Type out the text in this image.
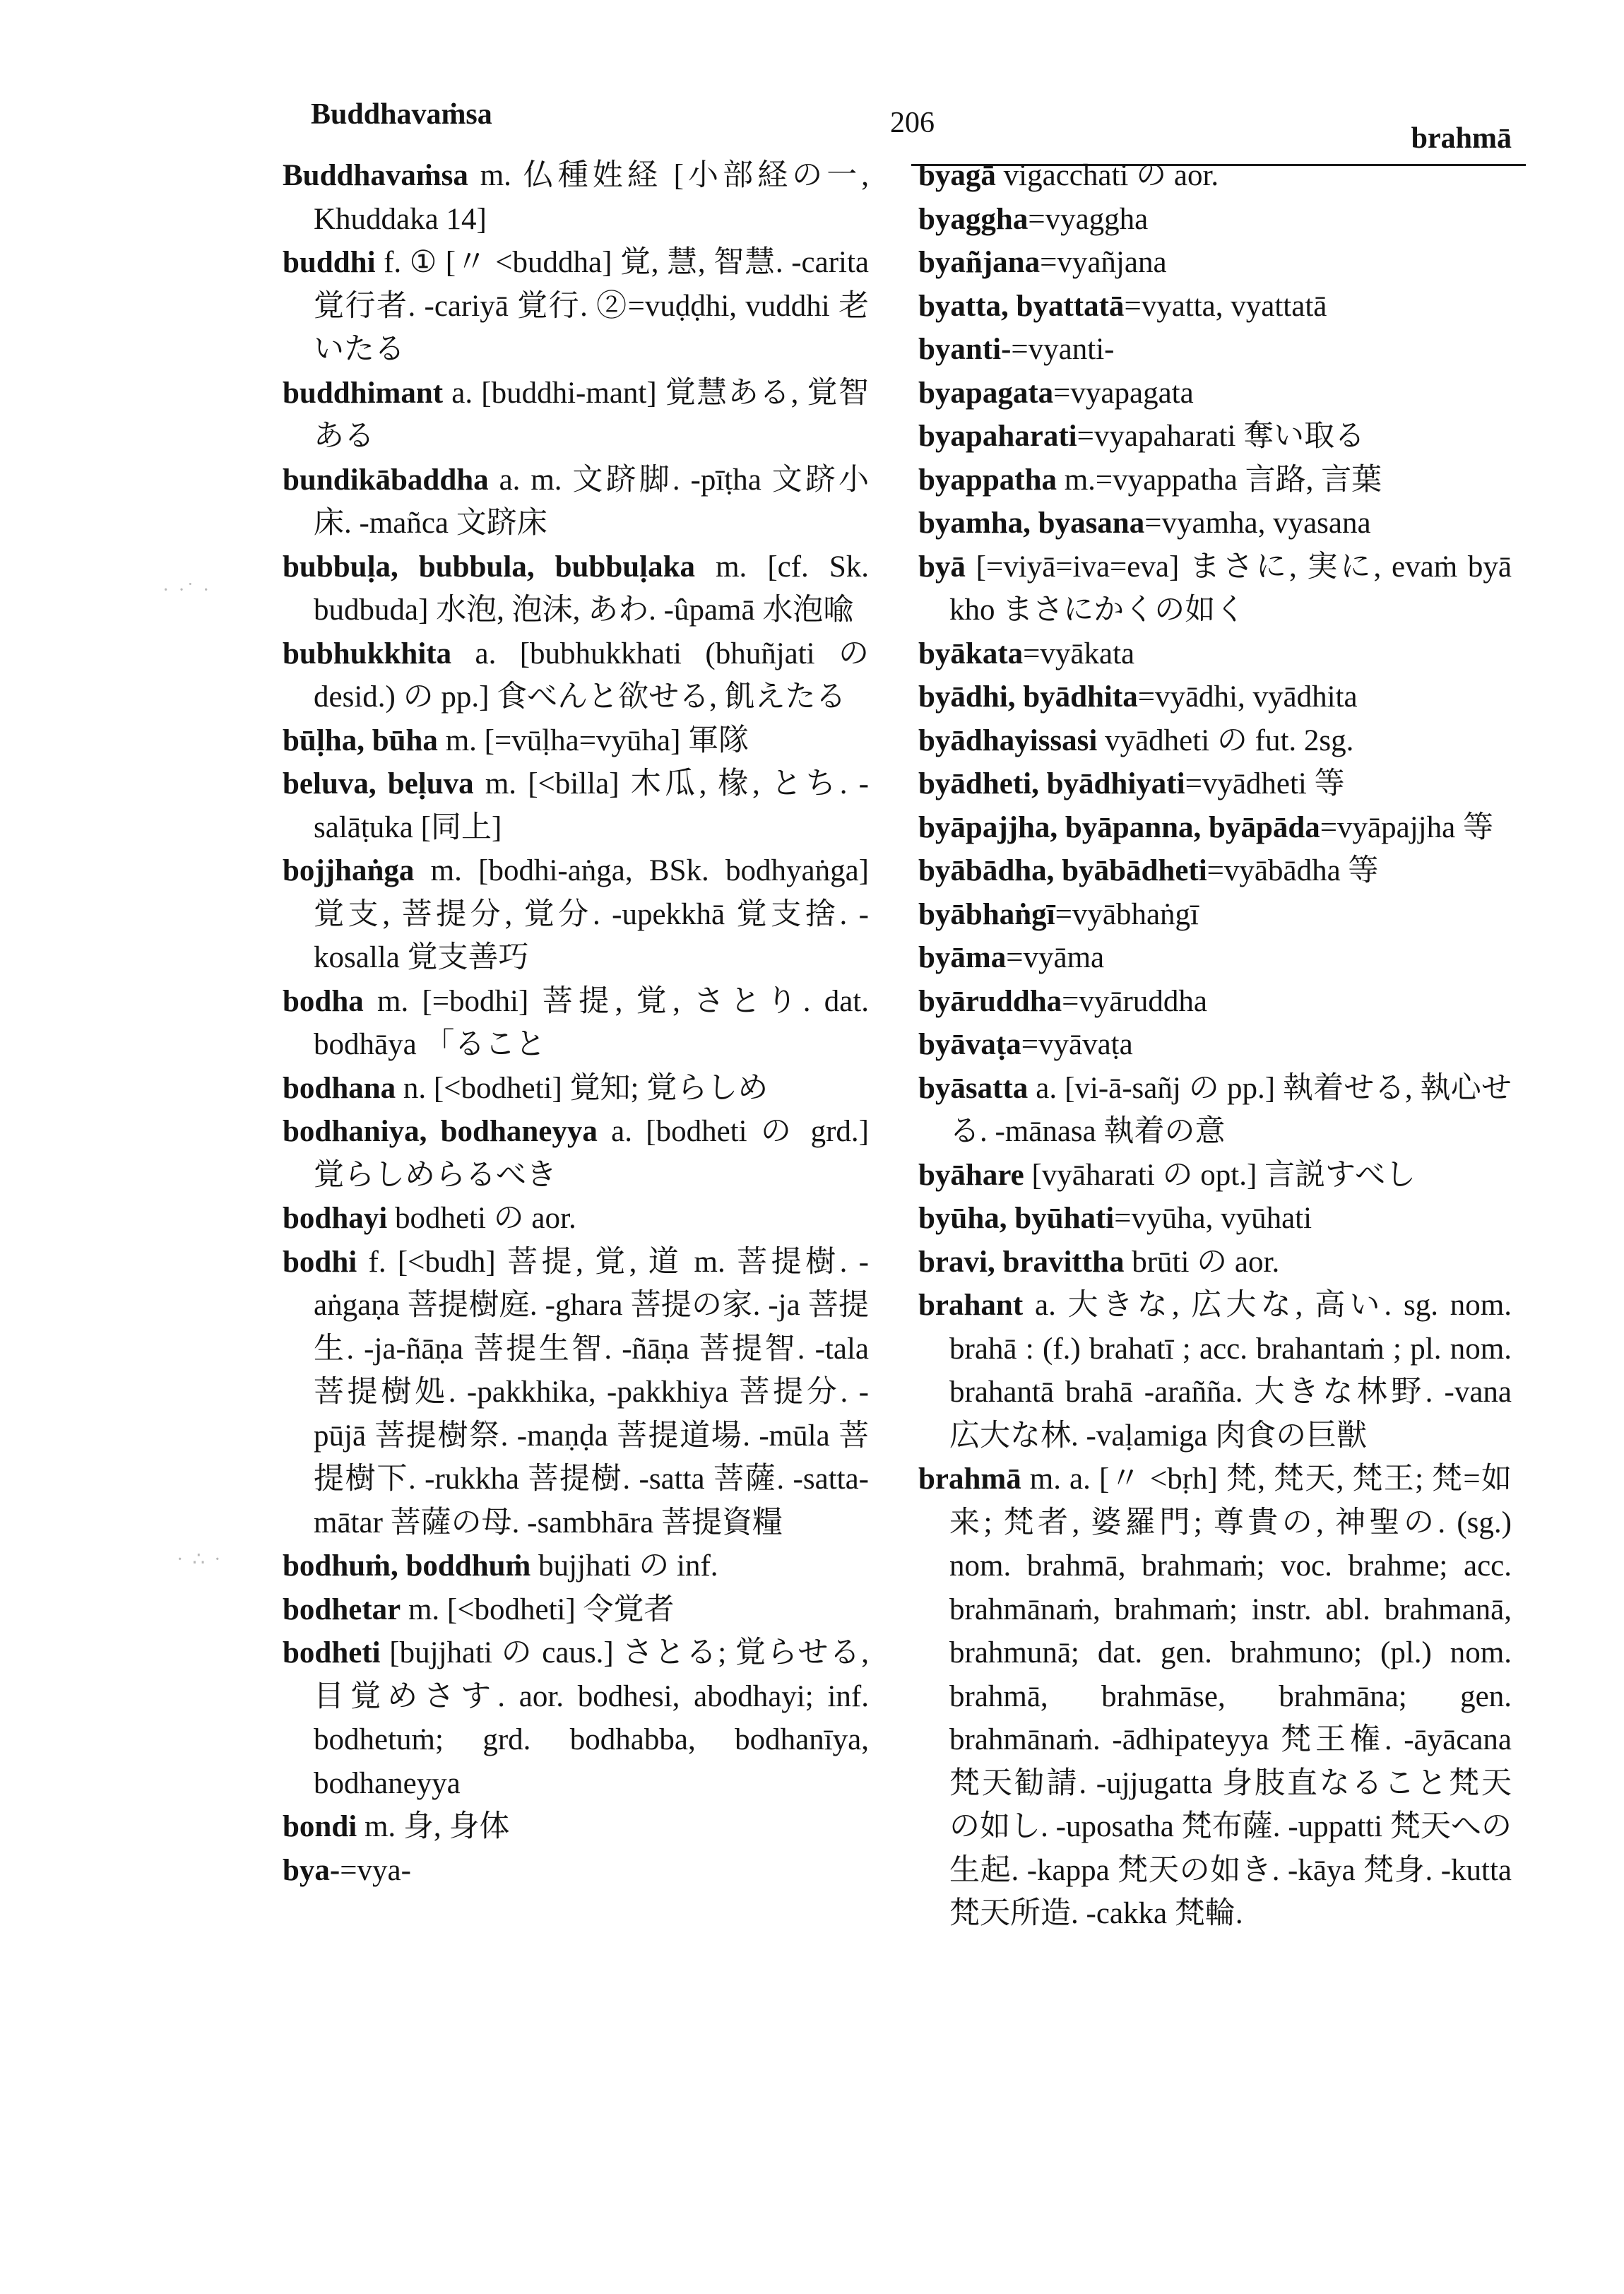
Buddhavaṁsa	206	brahmā
· ·˙ ·
· ∴ ·

Buddhavaṁsa m. 仏種姓経 [小部経の一, Khuddaka 14]

buddhi f. ① [〃 <buddha] 覚, 慧, 智慧. -carita 覚行者. -cariyā 覚行. ②=vuḍḍhi, vuddhi 老いたる

buddhimant a. [buddhi-mant] 覚慧ある, 覚智ある

bundikābaddha a. m. 文跻脚. -pīṭha 文跻小床. -mañca 文跻床

bubbuḷa, bubbula, bubbuḷaka m. [cf. Sk. budbuda] 水泡, 泡沫, あわ. -ûpamā 水泡喩

bubhukkhita a. [bubhukkhati (bhuñjati の desid.) の pp.] 食べんと欲せる, 飢えたる

būḷha, būha m. [=vūḷha=vyūha] 軍隊

beluva, beḷuva m. [<billa] 木瓜, 椽, とち. -salāṭuka [同上]

bojjhaṅga m. [bodhi-aṅga, BSk. bodhyaṅga] 覚支, 菩提分, 覚分. -upekkhā 覚支捨. -kosalla 覚支善巧

bodha m. [=bodhi] 菩提, 覚, さとり. dat. bodhāya 「ること

bodhana n. [<bodheti] 覚知; 覚らしめ

bodhaniya, bodhaneyya a. [bodheti の grd.] 覚らしめらるべき

bodhayi bodheti の aor.

bodhi f. [<budh] 菩提, 覚, 道 m. 菩提樹. -aṅgaṇa 菩提樹庭. -ghara 菩提の家. -ja 菩提生. -ja-ñāṇa 菩提生智. -ñāṇa 菩提智. -tala 菩提樹処. -pakkhika, -pakkhiya 菩提分. -pūjā 菩提樹祭. -maṇḍa 菩提道場. -mūla 菩提樹下. -rukkha 菩提樹. -satta 菩薩. -satta-mātar 菩薩の母. -sambhāra 菩提資糧

bodhuṁ, boddhuṁ bujjhati の inf.

bodhetar m. [<bodheti] 令覚者

bodheti [bujjhati の caus.] さとる; 覚らせる, 目覚めさす. aor. bodhesi, abodhayi; inf. bodhetuṁ; grd. bodhabba, bodhanīya, bodhaneyya

bondi m. 身, 身体

bya-=vya-

byagā vigacchati の aor.

byaggha=vyaggha

byañjana=vyañjana

byatta, byattatā=vyatta, vyattatā

byanti-=vyanti-

byapagata=vyapagata

byapaharati=vyapaharati 奪い取る

byappatha m.=vyappatha 言路, 言葉

byamha, byasana=vyamha, vyasana

byā [=viyā=iva=eva] まさに, 実に, evaṁ byā kho まさにかくの如く

byākata=vyākata

byādhi, byādhita=vyādhi, vyādhita

byādhayissasi vyādheti の fut. 2sg.

byādheti, byādhiyati=vyādheti 等

byāpajjha, byāpanna, byāpāda=vyāpajjha 等

byābādha, byābādheti=vyābādha 等

byābhaṅgī=vyābhaṅgī

byāma=vyāma

byāruddha=vyāruddha

byāvaṭa=vyāvaṭa

byāsatta a. [vi-ā-sañj の pp.] 執着せる, 執心せる. -mānasa 執着の意

byāhare [vyāharati の opt.] 言説すべし

byūha, byūhati=vyūha, vyūhati

bravi, bravittha brūti の aor.

brahant a. 大きな, 広大な, 高い. sg. nom. brahā : (f.) brahatī ; acc. brahantaṁ ; pl. nom. brahantā brahā -arañña. 大きな林野. -vana 広大な林. -vaḷamiga 肉食の巨獣

brahmā m. a. [〃 <bṛh] 梵, 梵天, 梵王; 梵=如来; 梵者, 婆羅門; 尊貴の, 神聖の. (sg.) nom. brahmā, brahmaṁ; voc. brahme; acc. brahmānaṁ, brahmaṁ; instr. abl. brahmanā, brahmunā; dat. gen. brahmuno; (pl.) nom. brahmā, brahmāse, brahmāna; gen. brahmānaṁ. -ādhipateyya 梵王権. -āyācana 梵天勧請. -ujjugatta 身肢直なること梵天の如し. -uposatha 梵布薩. -uppatti 梵天への生起. -kappa 梵天の如き. -kāya 梵身. -kutta 梵天所造. -cakka 梵輪.
